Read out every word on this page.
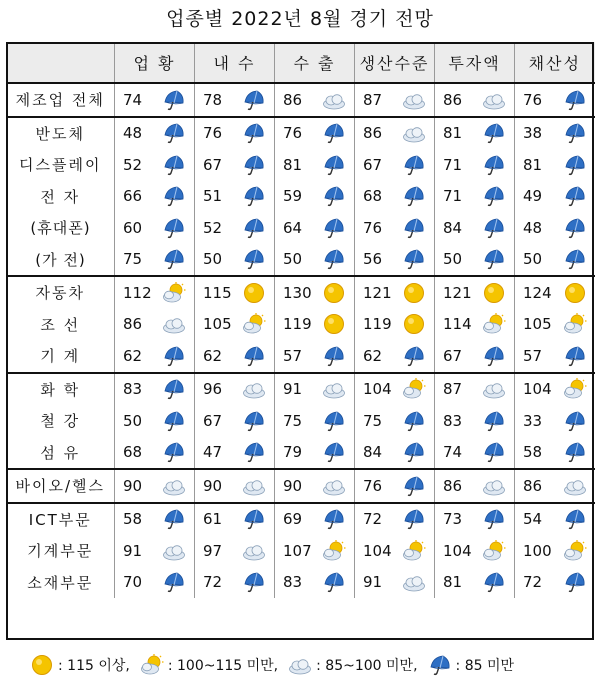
업종별 2022년 8월 경기 전망
	업 황	내 수	수 출	생산수준	투자액	채산성
제조업 전체	74	78	86	87	86	76

반도체	48	76	76	86	81	38

디스플레이	52	67	81	67	71	81

전 자	66	51	59	68	71	49

(휴대폰)	60	52	64	76	84	48

(가 전)	75	50	50	56	50	50

자동차	112	115	130	121	121	124

조 선	86	105	119	119	114	105

기 계	62	62	57	62	67	57

화 학	83	96	91	104	87	104

철 강	50	67	75	75	83	33

섬 유	68	47	79	84	74	58

바이오/헬스	90	90	90	76	86	86

ICT부문	58	61	69	72	73	54

기계부문	91	97	107	104	104	100

소재부문	70	72	83	91	81	72
: 115 이상,	: 100~115 미만,	: 85~100 미만,	: 85 미만
